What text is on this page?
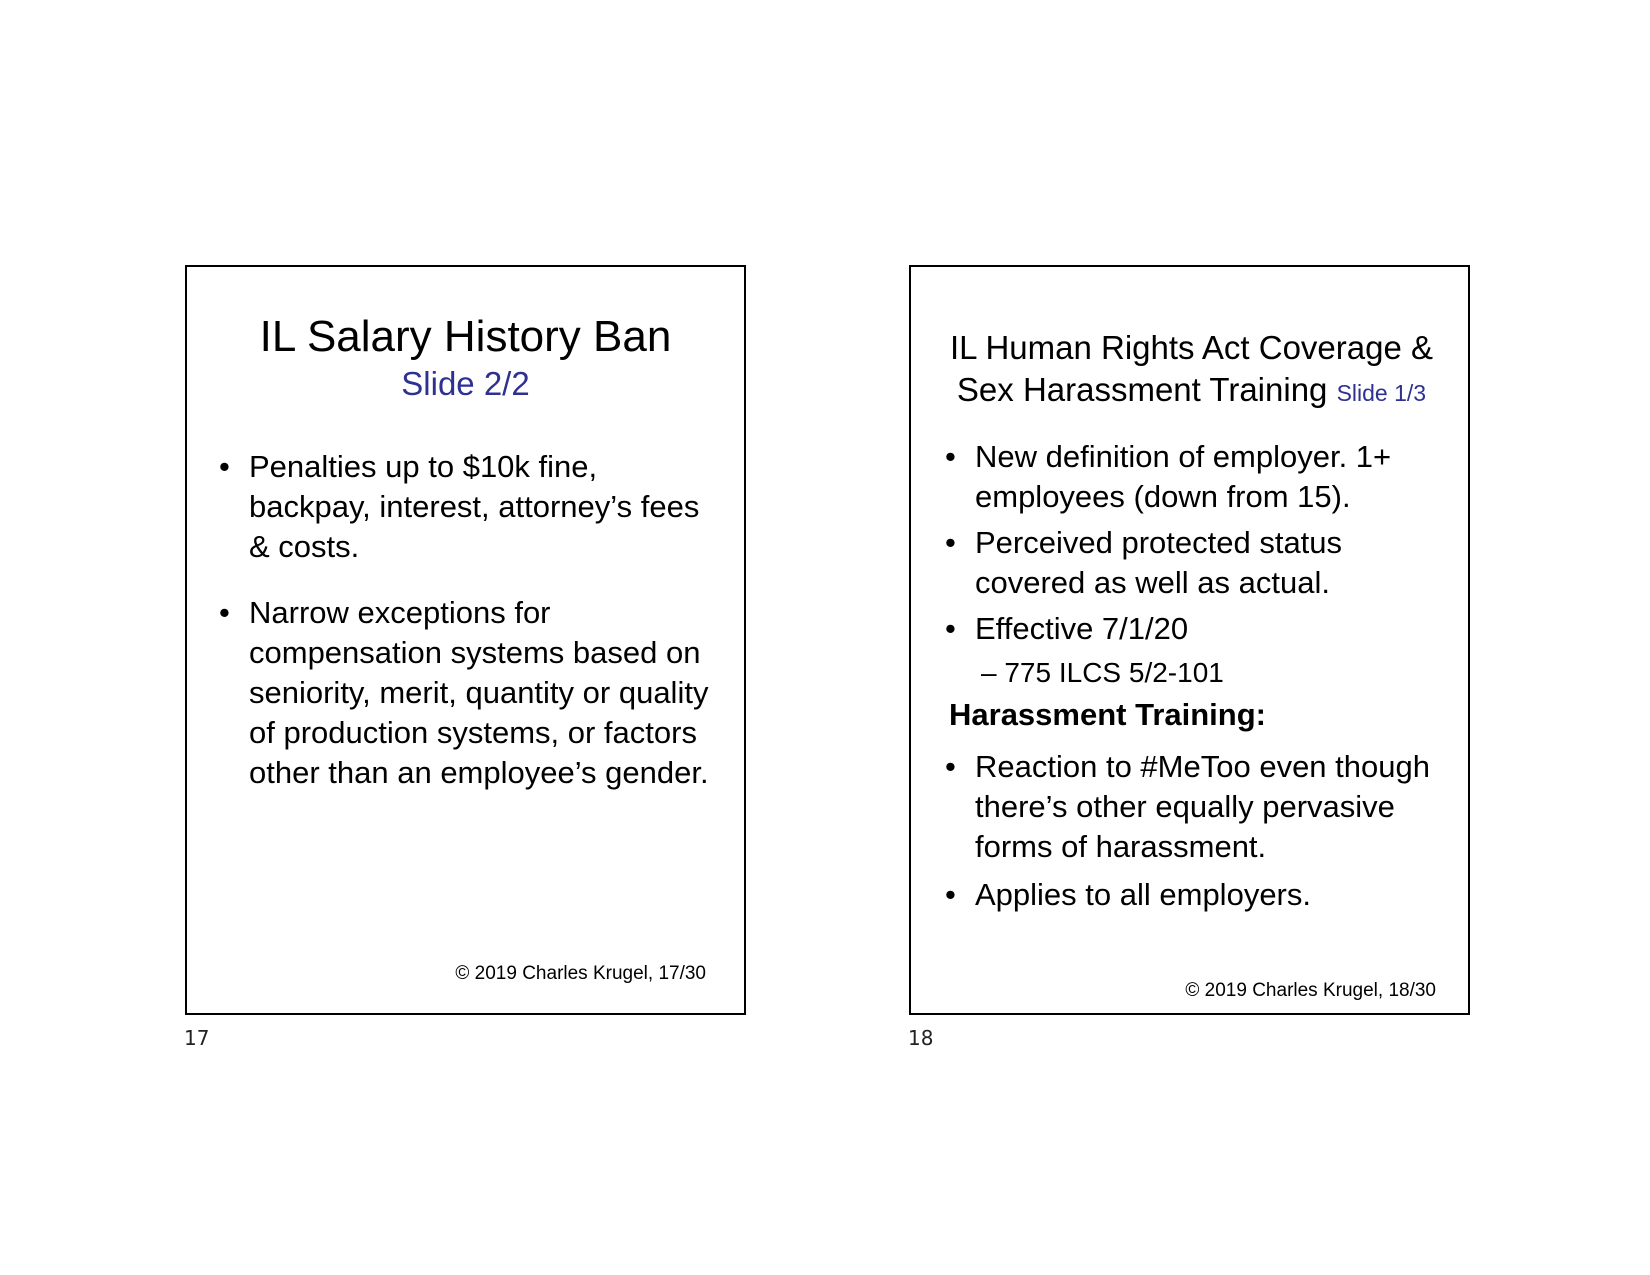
IL Salary History Ban
Slide 2/2
• Penalties up to $10k fine, backpay, interest, attorney’s fees & costs.
• Narrow exceptions for compensation systems based on seniority, merit, quantity or quality of production systems, or factors other than an employee’s gender.
© 2019 Charles Krugel, 17/30
17
IL Human Rights Act Coverage & Sex Harassment Training Slide 1/3
• New definition of employer. 1+ employees (down from 15).
• Perceived protected status covered as well as actual.
• Effective 7/1/20
– 775 ILCS 5/2-101
Harassment Training:
• Reaction to #MeToo even though there’s other equally pervasive forms of harassment.
• Applies to all employers.
© 2019 Charles Krugel, 18/30
18
